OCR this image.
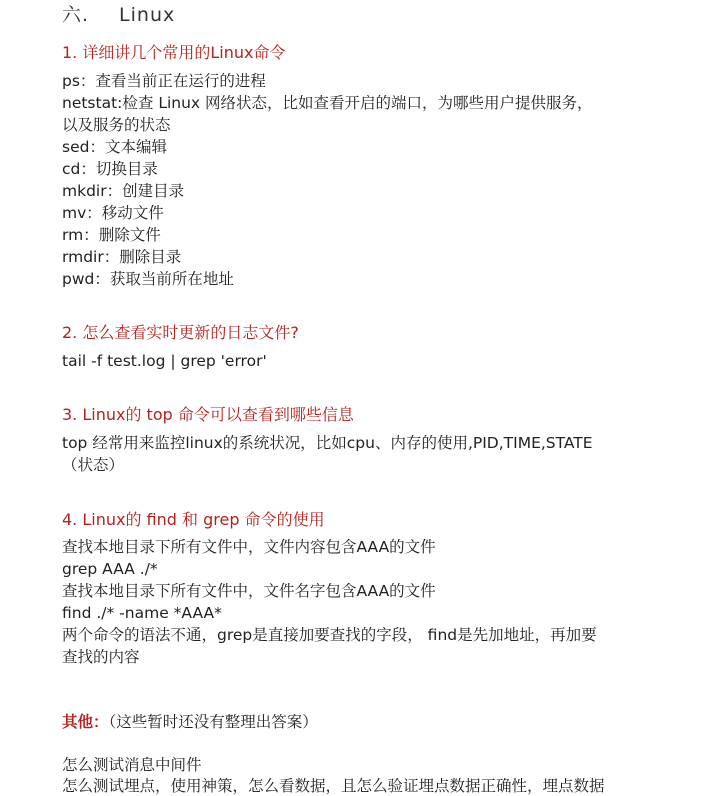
六. Linux
1. 详细讲几个常用的Linux命令
ps：查看当前正在运行的进程
netstat:检查 Linux 网络状态，比如查看开启的端口，为哪些用户提供服务，
以及服务的状态
sed：文本编辑
cd：切换目录
mkdir：创建目录
mv：移动文件
rm：删除文件
rmdir：删除目录
pwd：获取当前所在地址
2. 怎么查看实时更新的日志文件?
tail -f test.log | grep 'error'
3. Linux的 top 命令可以查看到哪些信息
top 经常用来监控linux的系统状况，比如cpu、内存的使用,PID,TIME,STATE
（状态）
4. Linux的 find 和 grep 命令的使用
查找本地目录下所有文件中，文件内容包含AAA的文件
grep AAA ./*
查找本地目录下所有文件中，文件名字包含AAA的文件
find ./* -name *AAA*
两个命令的语法不通，grep是直接加要查找的字段， find是先加地址，再加要
查找的内容
其他：（这些暂时还没有整理出答案）
怎么测试消息中间件
怎么测试埋点，使用神策，怎么看数据，且怎么验证埋点数据正确性，埋点数据
